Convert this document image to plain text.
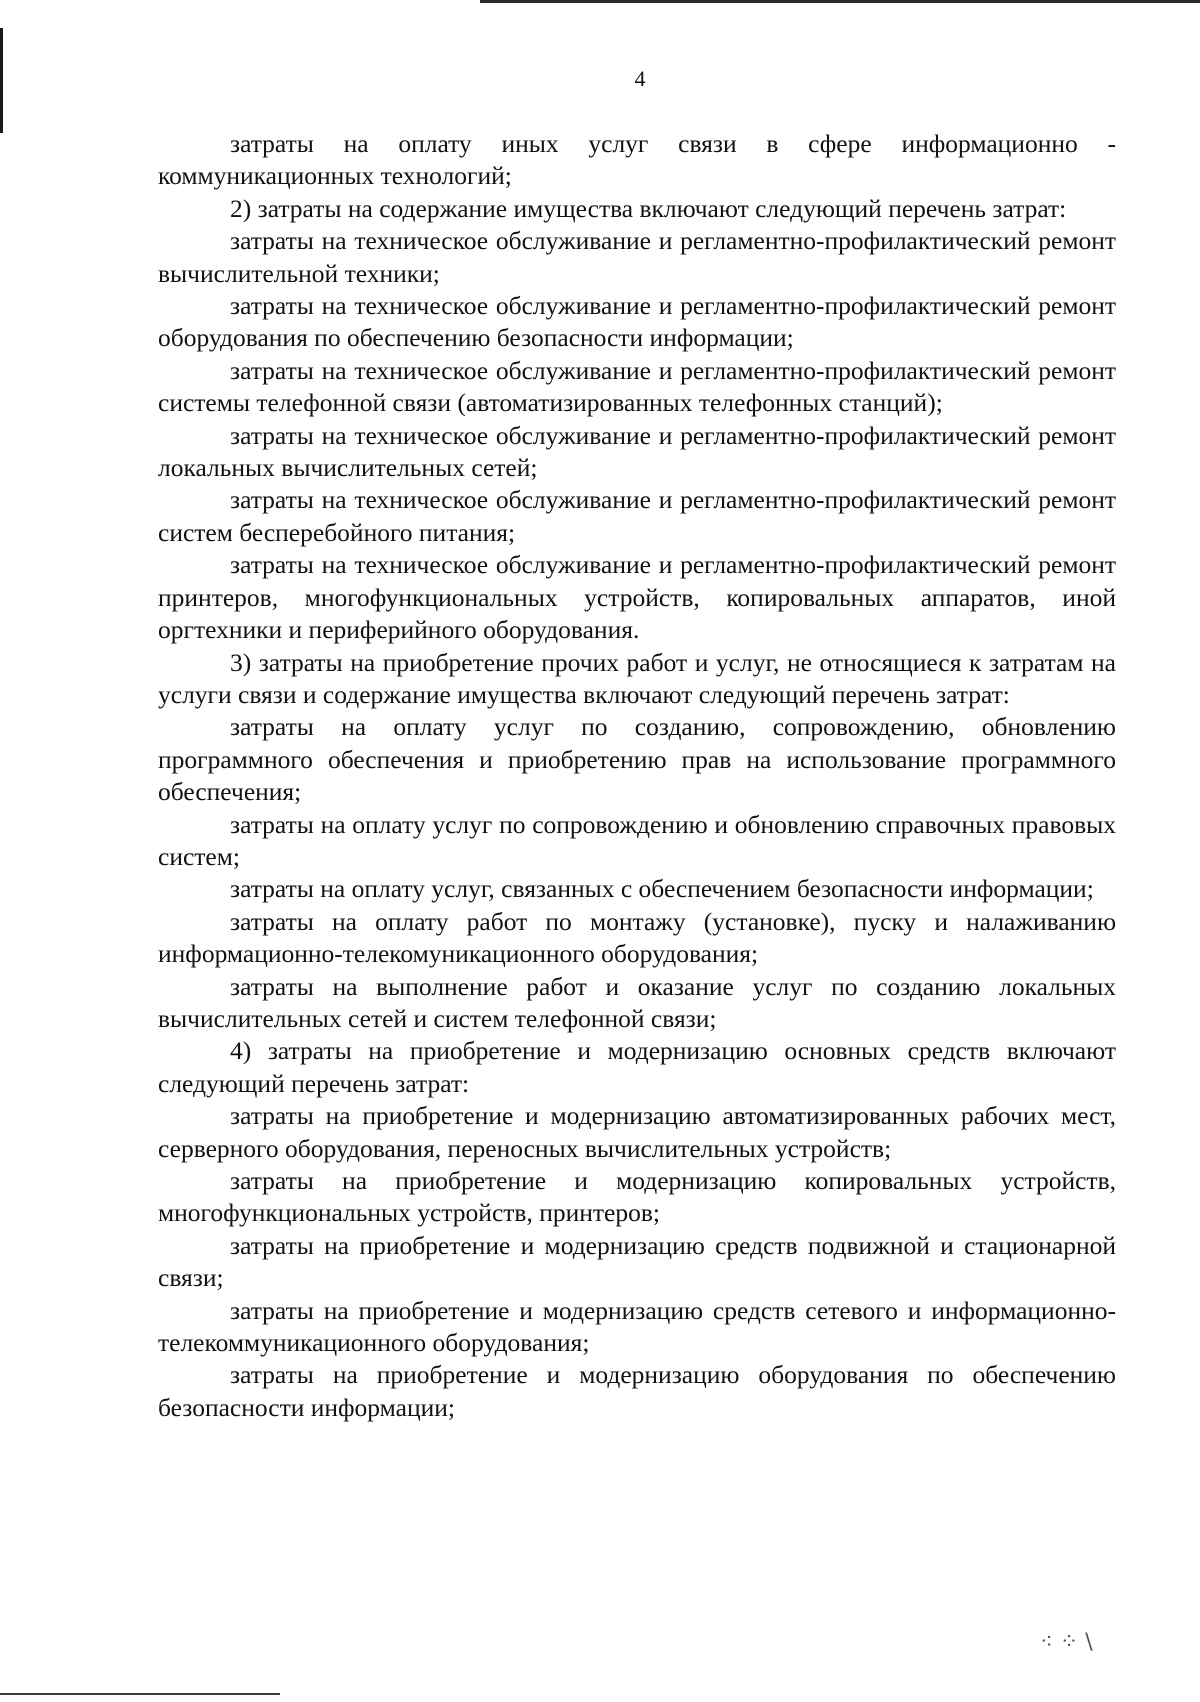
⁖ ⁘ \
4

затраты на оплату иных услуг связи в сфере информационно - коммуникационных технологий;

2) затраты на содержание имущества включают следующий перечень затрат:

затраты на техническое обслуживание и регламентно-профилактический ремонт вычислительной техники;

затраты на техническое обслуживание и регламентно-профилактический ремонт оборудования по обеспечению безопасности информации;

затраты на техническое обслуживание и регламентно-профилактический ремонт системы телефонной связи (автоматизированных телефонных станций);

затраты на техническое обслуживание и регламентно-профилактический ремонт локальных вычислительных сетей;

затраты на техническое обслуживание и регламентно-профилактический ремонт систем бесперебойного питания;

затраты на техническое обслуживание и регламентно-профилактический ремонт принтеров, многофункциональных устройств, копировальных аппаратов, иной оргтехники и периферийного оборудования.

3) затраты на приобретение прочих работ и услуг, не относящиеся к затратам на услуги связи и содержание имущества включают следующий перечень затрат:

затраты на оплату услуг по созданию, сопровождению, обновлению программного обеспечения и приобретению прав на использование программного обеспечения;

затраты на оплату услуг по сопровождению и обновлению справочных правовых систем;

затраты на оплату услуг, связанных с обеспечением безопасности информации;

затраты на оплату работ по монтажу (установке), пуску и налаживанию информационно-телекомуникационного оборудования;

затраты на выполнение работ и оказание услуг по созданию локальных вычислительных сетей и систем телефонной связи;

4) затраты на приобретение и модернизацию основных средств включают следующий перечень затрат:

затраты на приобретение и модернизацию автоматизированных рабочих мест, серверного оборудования, переносных вычислительных устройств;

затраты на приобретение и модернизацию копировальных устройств, многофункциональных устройств, принтеров;

затраты на приобретение и модернизацию средств подвижной и стационарной связи;

затраты на приобретение и модернизацию средств сетевого и информационно-телекоммуникационного оборудования;

затраты на приобретение и модернизацию оборудования по обеспечению безопасности информации;
